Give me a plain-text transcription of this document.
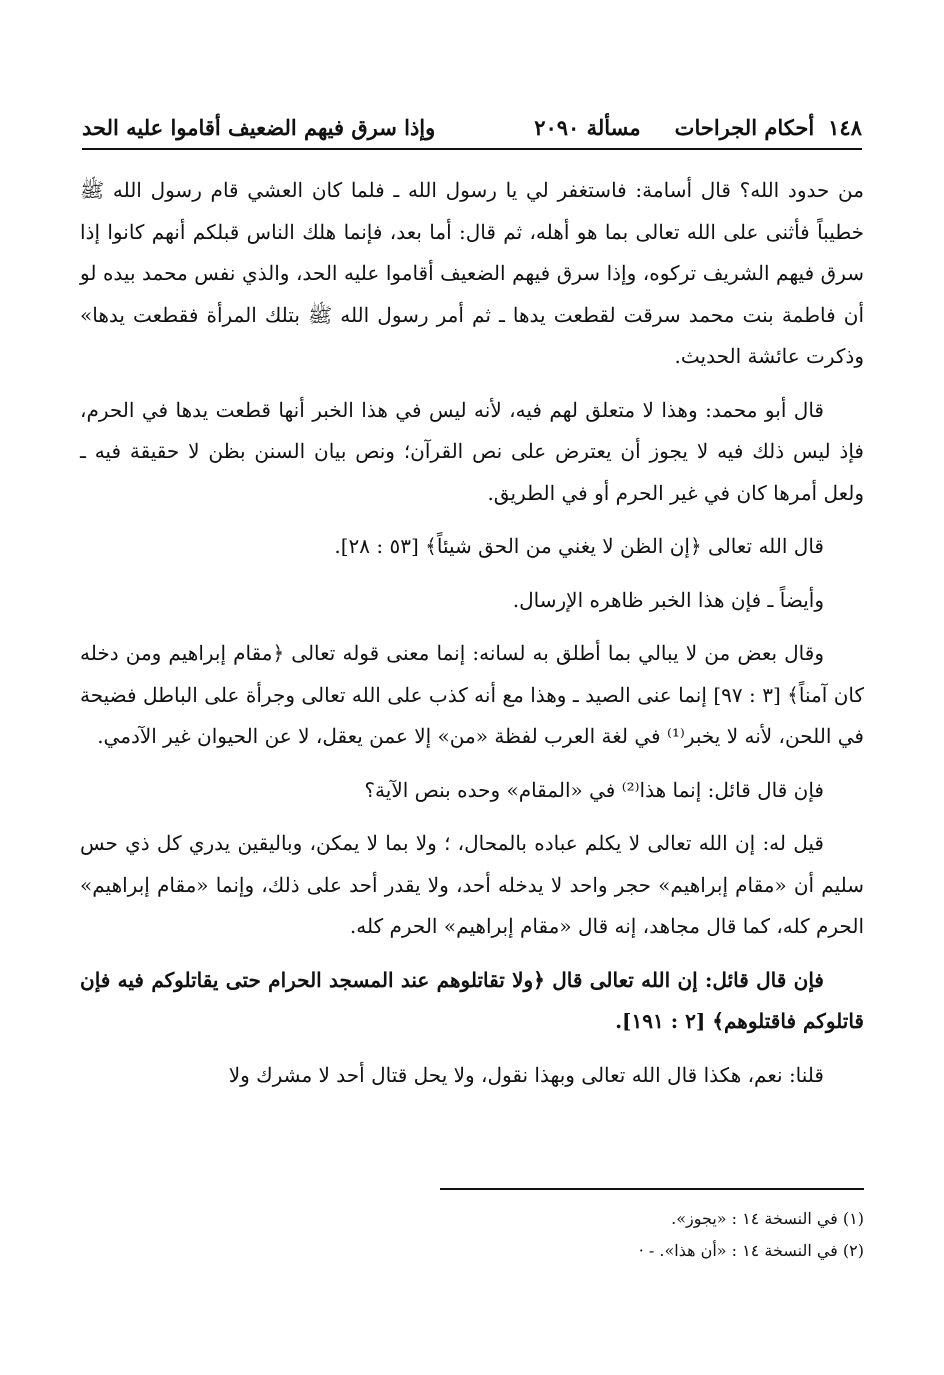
١٤٨
أحكام الجراحات
مسألة ٢٠٩٠
وإذا سرق فيهم الضعيف أقاموا عليه الحد

من حدود الله؟ قال أسامة: فاستغفر لي يا رسول الله ـ فلما كان العشي قام رسول الله ﷺ خطيباً فأثنى على الله تعالى بما هو أهله، ثم قال: أما بعد، فإنما هلك الناس قبلكم أنهم كانوا إذا سرق فيهم الشريف تركوه، وإذا سرق فيهم الضعيف أقاموا عليه الحد، والذي نفس محمد بيده لو أن فاطمة بنت محمد سرقت لقطعت يدها ـ ثم أمر رسول الله ﷺ بتلك المرأة فقطعت يدها» وذكرت عائشة الحديث.

قال أبو محمد: وهذا لا متعلق لهم فيه، لأنه ليس في هذا الخبر أنها قطعت يدها في الحرم، فإذ ليس ذلك فيه لا يجوز أن يعترض على نص القرآن؛ ونص بيان السنن بظن لا حقيقة فيه ـ ولعل أمرها كان في غير الحرم أو في الطريق.

قال الله تعالى ﴿إن الظن لا يغني من الحق شيئاً﴾ [٥٣ : ٢٨].

وأيضاً ـ فإن هذا الخبر ظاهره الإرسال.

وقال بعض من لا يبالي بما أطلق به لسانه: إنما معنى قوله تعالى ﴿مقام إبراهيم ومن دخله كان آمناً﴾ [٣ : ٩٧] إنما عنى الصيد ـ وهذا مع أنه كذب على الله تعالى وجرأة على الباطل فضيحة في اللحن، لأنه لا يخبر⁽¹⁾ في لغة العرب لفظة «من» إلا عمن يعقل، لا عن الحيوان غير الآدمي.

فإن قال قائل: إنما هذا⁽²⁾ في «المقام» وحده بنص الآية؟

قيل له: إن الله تعالى لا يكلم عباده بالمحال، ؛ ولا بما لا يمكن، وباليقين يدري كل ذي حس سليم أن «مقام إبراهيم» حجر واحد لا يدخله أحد، ولا يقدر أحد على ذلك، وإنما «مقام إبراهيم» الحرم كله، كما قال مجاهد، إنه قال «مقام إبراهيم» الحرم كله.

فإن قال قائل: إن الله تعالى قال ﴿ولا تقاتلوهم عند المسجد الحرام حتى يقاتلوكم فيه فإن قاتلوكم فاقتلوهم﴾ [٢ : ١٩١].

قلنا: نعم، هكذا قال الله تعالى وبهذا نقول، ولا يحل قتال أحد لا مشرك ولا

(١) في النسخة ١٤ : «يجوز».

(٢) في النسخة ١٤ : «أن هذا». - ·
